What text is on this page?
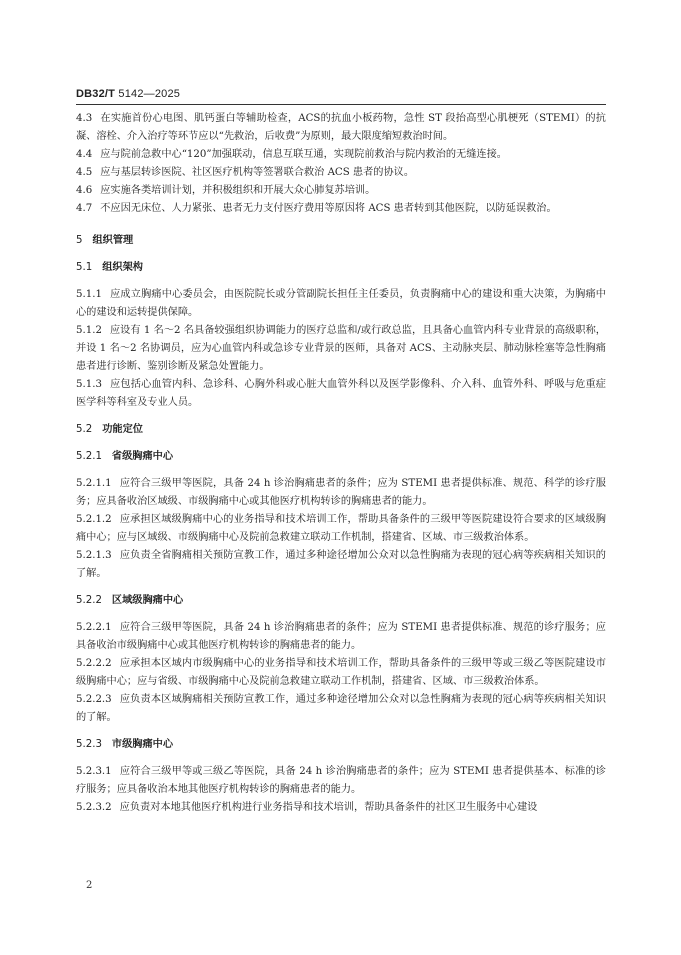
DB32/T 5142—2025

4.3 在实施首份心电图、肌钙蛋白等辅助检查，ACS的抗血小板药物，急性 ST 段抬高型心肌梗死（STEMI）的抗凝、溶栓、介入治疗等环节应以“先救治，后收费”为原则，最大限度缩短救治时间。

4.4 应与院前急救中心“120”加强联动，信息互联互通，实现院前救治与院内救治的无缝连接。

4.5 应与基层转诊医院、社区医疗机构等签署联合救治 ACS 患者的协议。

4.6 应实施各类培训计划，并积极组织和开展大众心肺复苏培训。

4.7 不应因无床位、人力紧张、患者无力支付医疗费用等原因将 ACS 患者转到其他医院，以防延误救治。

5 组织管理

5.1 组织架构

5.1.1 应成立胸痛中心委员会，由医院院长或分管副院长担任主任委员，负责胸痛中心的建设和重大决策，为胸痛中心的建设和运转提供保障。

5.1.2 应设有 1 名～2 名具备较强组织协调能力的医疗总监和/或行政总监，且具备心血管内科专业背景的高级职称，并设 1 名～2 名协调员，应为心血管内科或急诊专业背景的医师，具备对 ACS、主动脉夹层、肺动脉栓塞等急性胸痛患者进行诊断、鉴别诊断及紧急处置能力。

5.1.3 应包括心血管内科、急诊科、心胸外科或心脏大血管外科以及医学影像科、介入科、血管外科、呼吸与危重症医学科等科室及专业人员。

5.2 功能定位

5.2.1 省级胸痛中心

5.2.1.1 应符合三级甲等医院，具备 24 h 诊治胸痛患者的条件；应为 STEMI 患者提供标准、规范、科学的诊疗服务；应具备收治区域级、市级胸痛中心或其他医疗机构转诊的胸痛患者的能力。

5.2.1.2 应承担区域级胸痛中心的业务指导和技术培训工作，帮助具备条件的三级甲等医院建设符合要求的区域级胸痛中心；应与区域级、市级胸痛中心及院前急救建立联动工作机制，搭建省、区域、市三级救治体系。

5.2.1.3 应负责全省胸痛相关预防宣教工作，通过多种途径增加公众对以急性胸痛为表现的冠心病等疾病相关知识的了解。

5.2.2 区域级胸痛中心

5.2.2.1 应符合三级甲等医院，具备 24 h 诊治胸痛患者的条件；应为 STEMI 患者提供标准、规范的诊疗服务；应具备收治市级胸痛中心或其他医疗机构转诊的胸痛患者的能力。

5.2.2.2 应承担本区域内市级胸痛中心的业务指导和技术培训工作，帮助具备条件的三级甲等或三级乙等医院建设市级胸痛中心；应与省级、市级胸痛中心及院前急救建立联动工作机制，搭建省、区域、市三级救治体系。

5.2.2.3 应负责本区域胸痛相关预防宣教工作，通过多种途径增加公众对以急性胸痛为表现的冠心病等疾病相关知识的了解。

5.2.3 市级胸痛中心

5.2.3.1 应符合三级甲等或三级乙等医院，具备 24 h 诊治胸痛患者的条件；应为 STEMI 患者提供基本、标准的诊疗服务；应具备收治本地其他医疗机构转诊的胸痛患者的能力。

5.2.3.2 应负责对本地其他医疗机构进行业务指导和技术培训，帮助具备条件的社区卫生服务中心建设

2
